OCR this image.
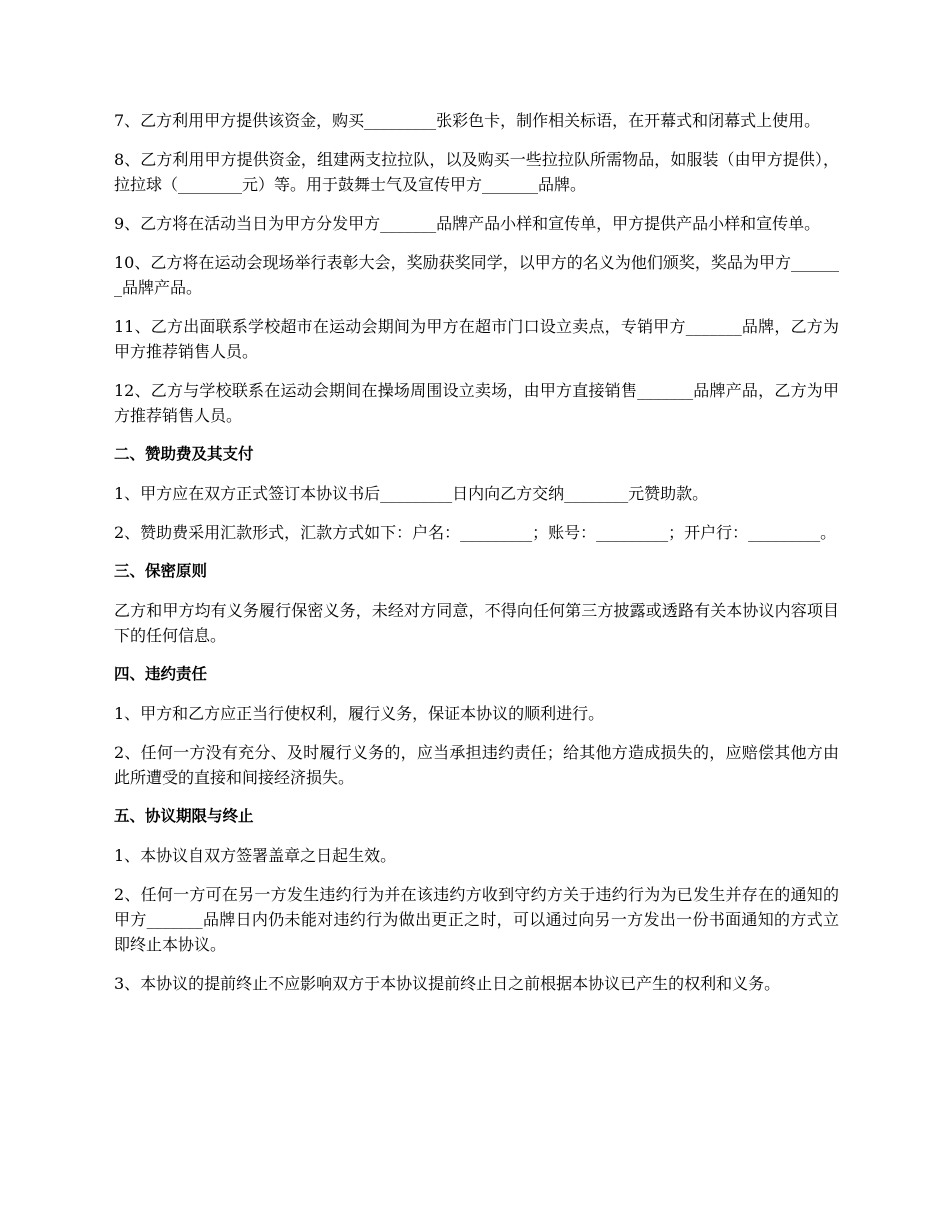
7、乙方利用甲方提供该资金，购买_________张彩色卡，制作相关标语，在开幕式和闭幕式上使用。

8、乙方利用甲方提供资金，组建两支拉拉队，以及购买一些拉拉队所需物品，如服装（由甲方提供），拉拉球（________元）等。用于鼓舞士气及宣传甲方_______品牌。

9、乙方将在活动当日为甲方分发甲方_______品牌产品小样和宣传单，甲方提供产品小样和宣传单。

10、乙方将在运动会现场举行表彰大会，奖励获奖同学，以甲方的名义为他们颁奖，奖品为甲方_______品牌产品。

11、乙方出面联系学校超市在运动会期间为甲方在超市门口设立卖点，专销甲方_______品牌，乙方为甲方推荐销售人员。

12、乙方与学校联系在运动会期间在操场周围设立卖场，由甲方直接销售_______品牌产品，乙方为甲方推荐销售人员。

二、赞助费及其支付

1、甲方应在双方正式签订本协议书后_________日内向乙方交纳________元赞助款。

2、赞助费采用汇款形式，汇款方式如下：户名：_________；账号：_________；开户行：_________。

三、保密原则

乙方和甲方均有义务履行保密义务，未经对方同意，不得向任何第三方披露或透路有关本协议内容项目下的任何信息。

四、违约责任

1、甲方和乙方应正当行使权利，履行义务，保证本协议的顺利进行。

2、任何一方没有充分、及时履行义务的，应当承担违约责任；给其他方造成损失的，应赔偿其他方由此所遭受的直接和间接经济损失。

五、协议期限与终止

1、本协议自双方签署盖章之日起生效。

2、任何一方可在另一方发生违约行为并在该违约方收到守约方关于违约行为为已发生并存在的通知的甲方_______品牌日内仍未能对违约行为做出更正之时，可以通过向另一方发出一份书面通知的方式立即终止本协议。

3、本协议的提前终止不应影响双方于本协议提前终止日之前根据本协议已产生的权利和义务。
